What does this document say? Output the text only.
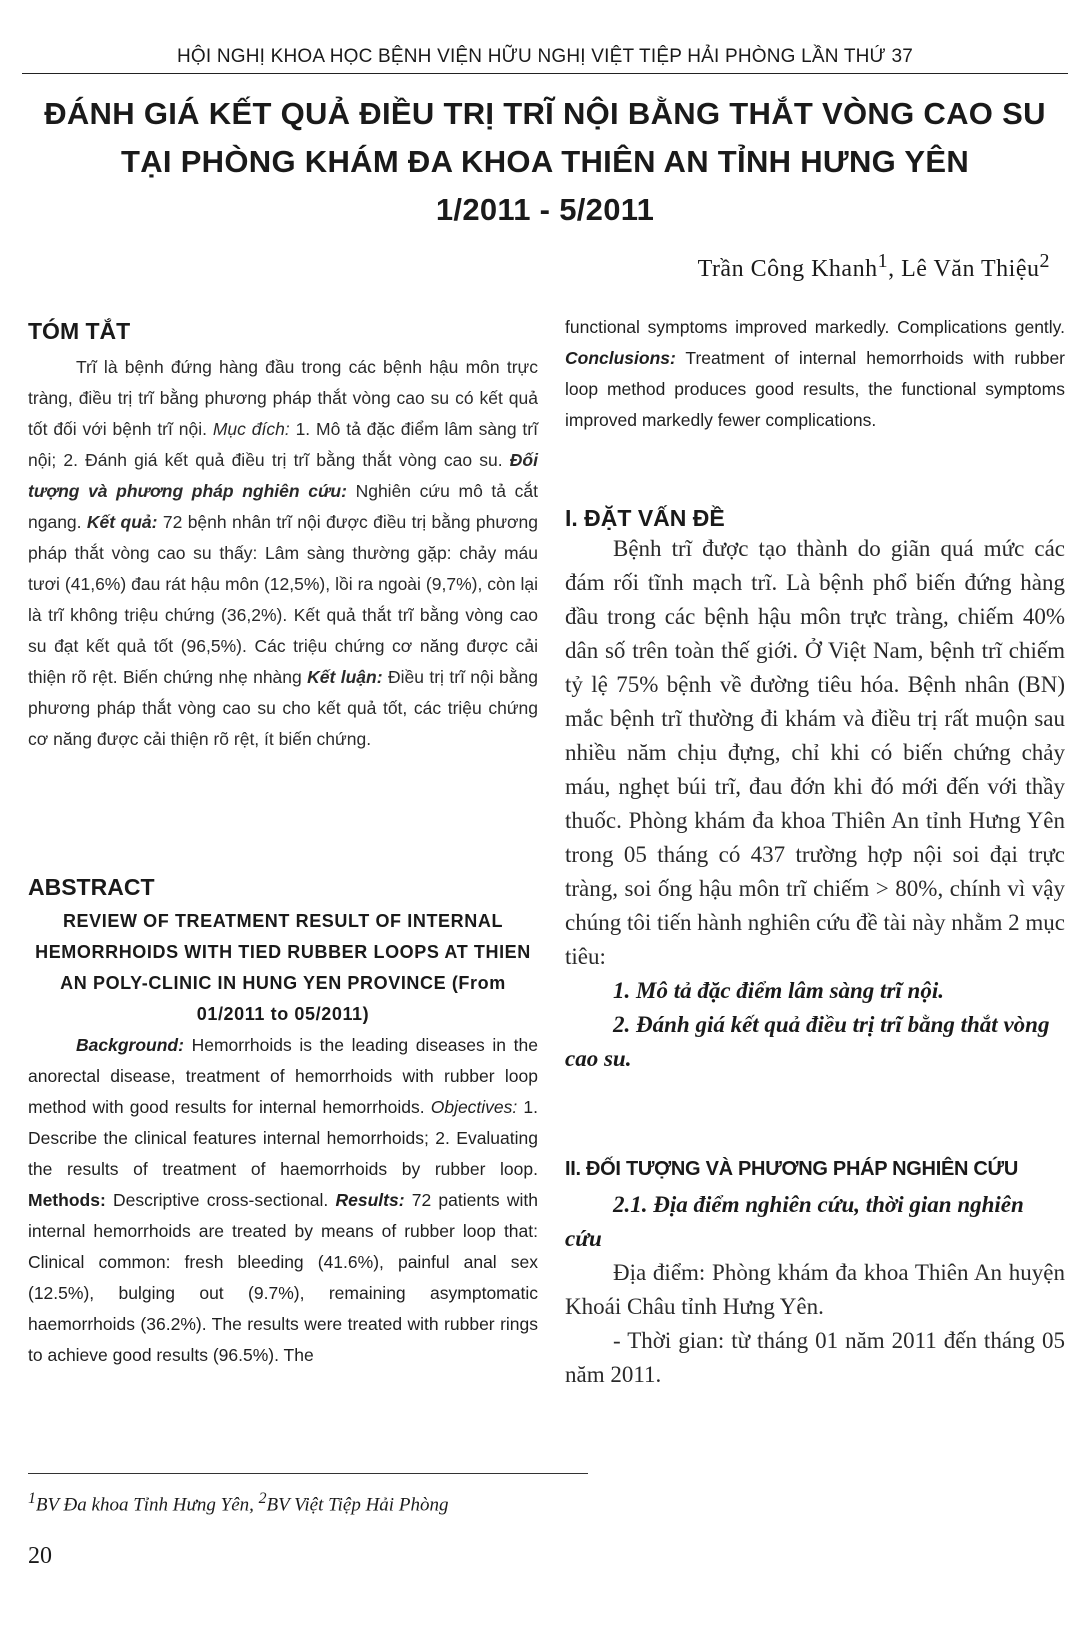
HỘI NGHỊ KHOA HỌC BỆNH VIỆN HỮU NGHỊ VIỆT TIỆP HẢI PHÒNG LẦN THỨ 37
ĐÁNH GIÁ KẾT QUẢ ĐIỀU TRỊ TRĨ NỘI BẰNG THẮT VÒNG CAO SU
TẠI PHÒNG KHÁM ĐA KHOA THIÊN AN TỈNH HƯNG YÊN
1/2011 - 5/2011
Trần Công Khanh$^1$, Lê Văn Thiệu$^2$
TÓM TẮT

Trĩ là bệnh đứng hàng đầu trong các bệnh hậu môn trực tràng, điều trị trĩ bằng phương pháp thắt vòng cao su có kết quả tốt đối với bệnh trĩ nội. Mục đích: 1. Mô tả đặc điểm lâm sàng trĩ nội; 2. Đánh giá kết quả điều trị trĩ bằng thắt vòng cao su. Đối tượng và phương pháp nghiên cứu: Nghiên cứu mô tả cắt ngang. Kết quả: 72 bệnh nhân trĩ nội được điều trị bằng phương pháp thắt vòng cao su thấy: Lâm sàng thường gặp: chảy máu tươi (41,6%) đau rát hậu môn (12,5%), lồi ra ngoài (9,7%), còn lại là trĩ không triệu chứng (36,2%). Kết quả thắt trĩ bằng vòng cao su đạt kết quả tốt (96,5%). Các triệu chứng cơ năng được cải thiện rõ rệt. Biến chứng nhẹ nhàng Kết luận: Điều trị trĩ nội bằng phương pháp thắt vòng cao su cho kết quả tốt, các triệu chứng cơ năng được cải thiện rõ rệt, ít biến chứng.

ABSTRACT
REVIEW OF TREATMENT RESULT OF INTERNAL HEMORRHOIDS WITH TIED RUBBER LOOPS AT THIEN AN POLY-CLINIC IN HUNG YEN PROVINCE (From 01/2011 to 05/2011)

Background: Hemorrhoids is the leading diseases in the anorectal disease, treatment of hemorrhoids with rubber loop method with good results for internal hemorrhoids. Objectives: 1. Describe the clinical features internal hemorrhoids; 2. Evaluating the results of treatment of haemorrhoids by rubber loop. Methods: Descriptive cross-sectional. Results: 72 patients with internal hemorrhoids are treated by means of rubber loop that: Clinical common: fresh bleeding (41.6%), painful anal sex (12.5%), bulging out (9.7%), remaining asymptomatic haemorrhoids (36.2%). The results were treated with rubber rings to achieve good results (96.5%). The

functional symptoms improved markedly. Complications gently. Conclusions: Treatment of internal hemorrhoids with rubber loop method produces good results, the functional symptoms improved markedly fewer complications.

I. ĐẶT VẤN ĐỀ

Bệnh trĩ được tạo thành do giãn quá mức các đám rối tĩnh mạch trĩ. Là bệnh phổ biến đứng hàng đầu trong các bệnh hậu môn trực tràng, chiếm 40% dân số trên toàn thế giới. Ở Việt Nam, bệnh trĩ chiếm tỷ lệ 75% bệnh về đường tiêu hóa. Bệnh nhân (BN) mắc bệnh trĩ thường đi khám và điều trị rất muộn sau nhiều năm chịu đựng, chỉ khi có biến chứng chảy máu, nghẹt búi trĩ, đau đớn khi đó mới đến với thầy thuốc. Phòng khám đa khoa Thiên An tỉnh Hưng Yên trong 05 tháng có 437 trường hợp nội soi đại trực tràng, soi ống hậu môn trĩ chiếm > 80%, chính vì vậy chúng tôi tiến hành nghiên cứu đề tài này nhằm 2 mục tiêu:

1. Mô tả đặc điểm lâm sàng trĩ nội.

2. Đánh giá kết quả điều trị trĩ bằng thắt vòng cao su.

II. ĐỐI TƯỢNG VÀ PHƯƠNG PHÁP NGHIÊN CỨU

2.1. Địa điểm nghiên cứu, thời gian nghiên cứu

Địa điểm: Phòng khám đa khoa Thiên An huyện Khoái Châu tỉnh Hưng Yên.

- Thời gian: từ tháng 01 năm 2011 đến tháng 05 năm 2011.

$^1$BV Đa khoa Tỉnh Hưng Yên, $^2$BV Việt Tiệp Hải Phòng
20
